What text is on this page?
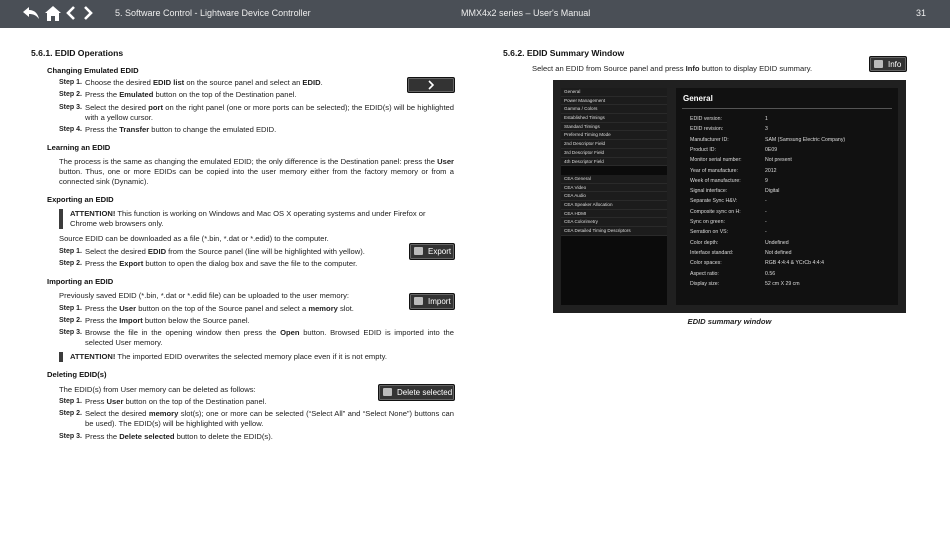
5. Software Control - Lightware Device Controller	MMX4x2 series – User's Manual	31
5.6.1. EDID Operations
Changing Emulated EDID
Step 1. Choose the desired EDID list on the source panel and select an EDID.
Step 2. Press the Emulated button on the top of the Destination panel.
Step 3. Select the desired port on the right panel (one or more ports can be selected); the EDID(s) will be highlighted with a yellow cursor.
Step 4. Press the Transfer button to change the emulated EDID.
Learning an EDID
The process is the same as changing the emulated EDID; the only difference is the Destination panel: press the User button. Thus, one or more EDIDs can be copied into the user memory either from the factory memory or from a connected sink (Dynamic).
Exporting an EDID
ATTENTION! This function is working on Windows and Mac OS X operating systems and under Firefox or Chrome web browsers only.
Source EDID can be downloaded as a file (*.bin, *.dat or *.edid) to the computer.
Export
Step 1. Select the desired EDID from the Source panel (line will be highlighted with yellow).
Step 2. Press the Export button to open the dialog box and save the file to the computer.
Importing an EDID
Previously saved EDID (*.bin, *.dat or *.edid file) can be uploaded to the user memory:
Import
Step 1. Press the User button on the top of the Source panel and select a memory slot.
Step 2. Press the Import button below the Source panel.
Step 3. Browse the file in the opening window then press the Open button. Browsed EDID is imported into the selected User memory.
ATTENTION! The imported EDID overwrites the selected memory place even if it is not empty.
Deleting EDID(s)
The EDID(s) from User memory can be deleted as follows:	Delete selected
Step 1. Press User button on the top of the Destination panel.
Step 2. Select the desired memory slot(s); one or more can be selected (“Select All” and “Select None”) buttons can be used). The EDID(s) will be highlighted with yellow.
Step 3. Press the Delete selected button to delete the EDID(s).
5.6.2. EDID Summary Window
Select an EDID from Source panel and press Info button to display EDID summary.	Info
General
Power Management
Gamma / Colors
Established Timings
Standard Timings
Preferred Timing Mode
2nd Descriptor Field
3rd Descriptor Field
4th Descriptor Field
CEA General
CEA Video
CEA Audio
CEA Speaker Allocation
CEA HDMI
CEA Colorimetry
CEA Detailed Timing Descriptors
General
EDID version:	1
EDID revision:	3
Manufacturer ID:	SAM (Samsung Electric Company)
Product ID:	0E09
Monitor serial number:	Not present
Year of manufacture:	2012
Week of manufacture:	9
Signal interface:	Digital
Separate Sync H&V:	-
Composite sync on H:	-
Sync on green:	-
Serration on VS:	-
Color depth:	Undefined
Interface standard:	Not defined
Color spaces:	RGB 4:4:4 & YCrCb 4:4:4
Aspect ratio:	0.56
Display size:	52 cm X 29 cm
EDID summary window
